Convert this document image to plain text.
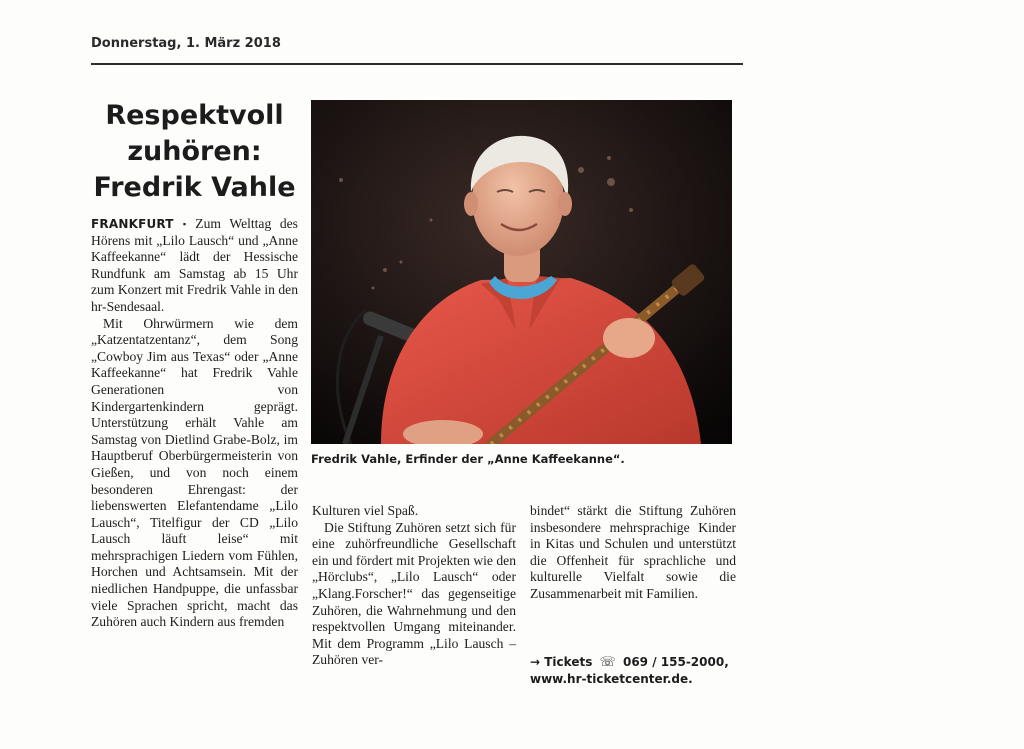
Donnerstag, 1. März 2018
Respektvoll
zuhören:
Fredrik Vahle

FRANKFURT ▪ Zum Welttag des Hörens mit „Lilo Lausch“ und „Anne Kaffeekanne“ lädt der Hessische Rundfunk am Samstag ab 15 Uhr zum Konzert mit Fredrik Vahle in den hr-Sendesaal.

Mit Ohrwürmern wie dem „Katzentatzentanz“, dem Song „Cowboy Jim aus Texas“ oder „Anne Kaffeekanne“ hat Fredrik Vahle Generationen von Kindergartenkindern geprägt. Unterstützung erhält Vahle am Samstag von Dietlind Grabe-Bolz, im Hauptberuf Oberbürgermeisterin von Gießen, und von noch einem besonderen Ehrengast: der liebenswerten Elefantendame „Lilo Lausch“, Titelfigur der CD „Lilo Lausch läuft leise“ mit mehrsprachigen Liedern vom Fühlen, Horchen und Achtsamsein. Mit der niedlichen Handpuppe, die unfassbar viele Sprachen spricht, macht das Zuhören auch Kindern aus fremden

Fredrik Vahle, Erfinder der „Anne Kaffeekanne“.

Kulturen viel Spaß.

Die Stiftung Zuhören setzt sich für eine zuhörfreundliche Gesellschaft ein und fördert mit Projekten wie den „Hörclubs“, „Lilo Lausch“ oder „Klang.Forscher!“ das gegenseitige Zuhören, die Wahrnehmung und den respektvollen Umgang miteinander. Mit dem Programm „Lilo Lausch – Zuhören ver-

bindet“ stärkt die Stiftung Zuhören insbesondere mehrsprachige Kinder in Kitas und Schulen und unterstützt die Offenheit für sprachliche und kulturelle Vielfalt sowie die Zusammenarbeit mit Familien.

→ Tickets ☏ 069 / 155-2000,
www.hr-ticketcenter.de.
